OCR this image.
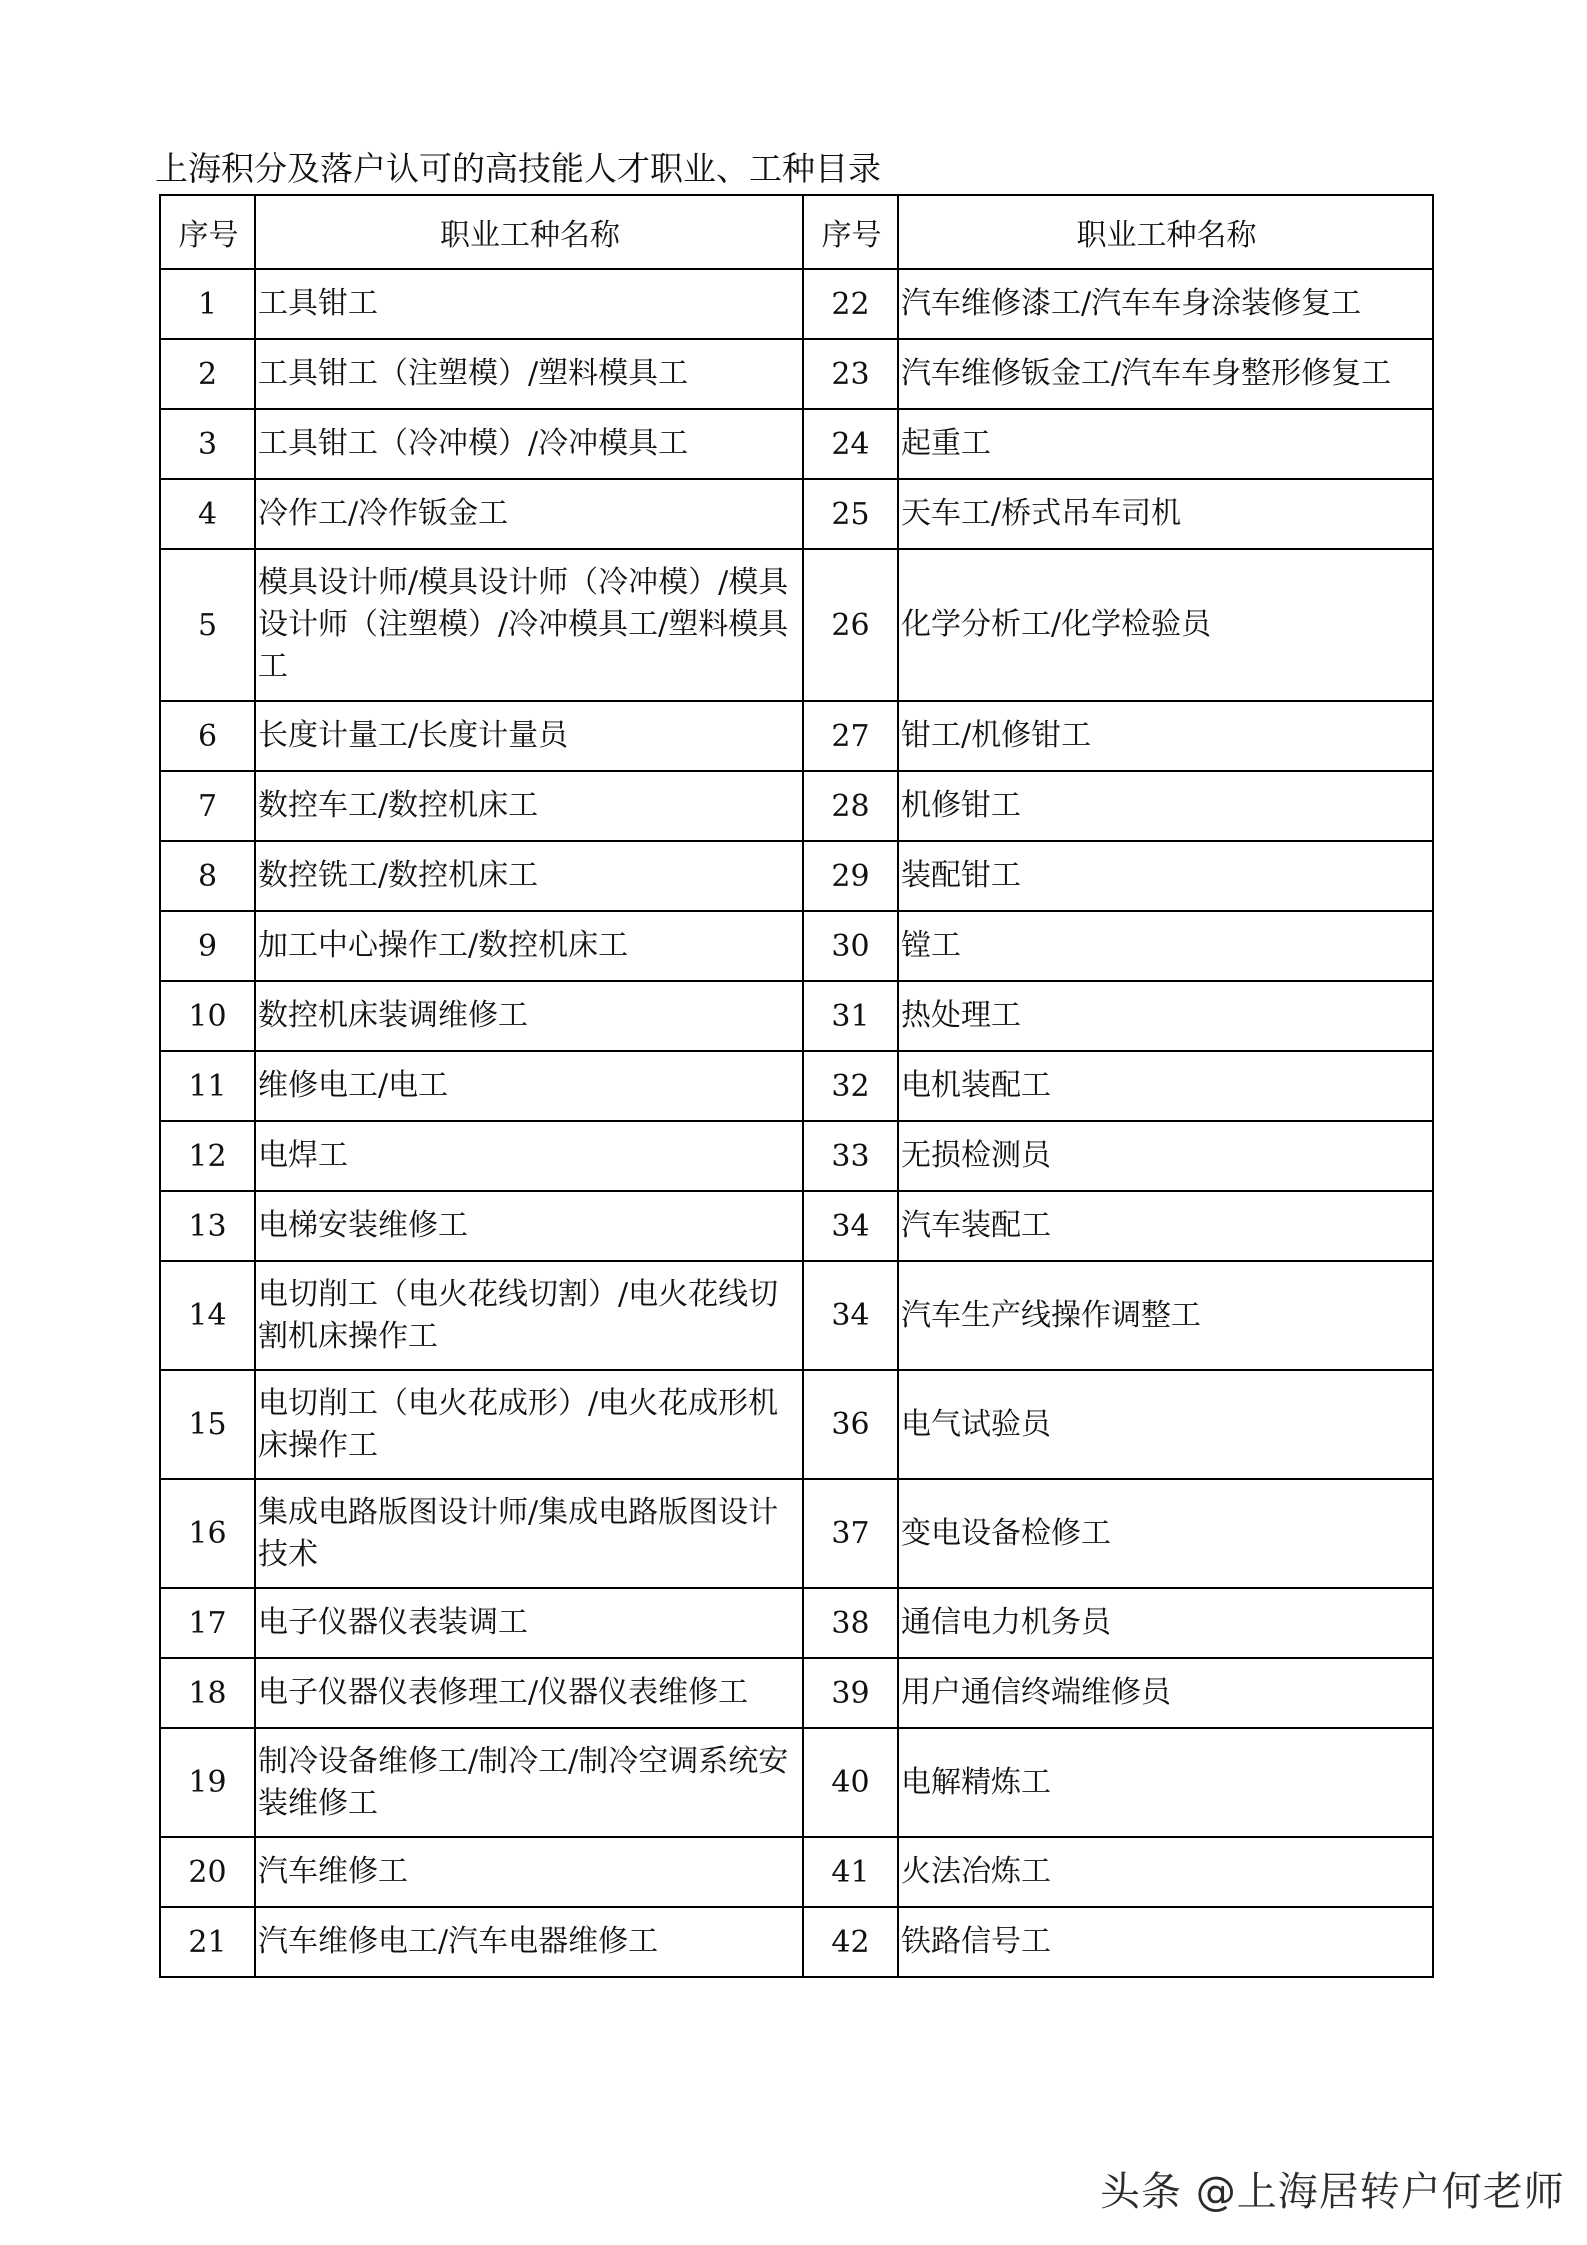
上海积分及落户认可的高技能人才职业、工种目录
序号	职业工种名称	序号	职业工种名称
1	工具钳工	22	汽车维修漆工/汽车车身涂装修复工
2	工具钳工（注塑模）/塑料模具工	23	汽车维修钣金工/汽车车身整形修复工
3	工具钳工（冷冲模）/冷冲模具工	24	起重工
4	冷作工/冷作钣金工	25	天车工/桥式吊车司机
5	模具设计师/模具设计师（冷冲模）/模具设计师（注塑模）/冷冲模具工/塑料模具工	26	化学分析工/化学检验员
6	长度计量工/长度计量员	27	钳工/机修钳工
7	数控车工/数控机床工	28	机修钳工
8	数控铣工/数控机床工	29	装配钳工
9	加工中心操作工/数控机床工	30	镗工
10	数控机床装调维修工	31	热处理工
11	维修电工/电工	32	电机装配工
12	电焊工	33	无损检测员
13	电梯安装维修工	34	汽车装配工
14	电切削工（电火花线切割）/电火花线切割机床操作工	34	汽车生产线操作调整工
15	电切削工（电火花成形）/电火花成形机床操作工	36	电气试验员
16	集成电路版图设计师/集成电路版图设计技术	37	变电设备检修工
17	电子仪器仪表装调工	38	通信电力机务员
18	电子仪器仪表修理工/仪器仪表维修工	39	用户通信终端维修员
19	制冷设备维修工/制冷工/制冷空调系统安装维修工	40	电解精炼工
20	汽车维修工	41	火法冶炼工
21	汽车维修电工/汽车电器维修工	42	铁路信号工
头条 @上海居转户何老师
